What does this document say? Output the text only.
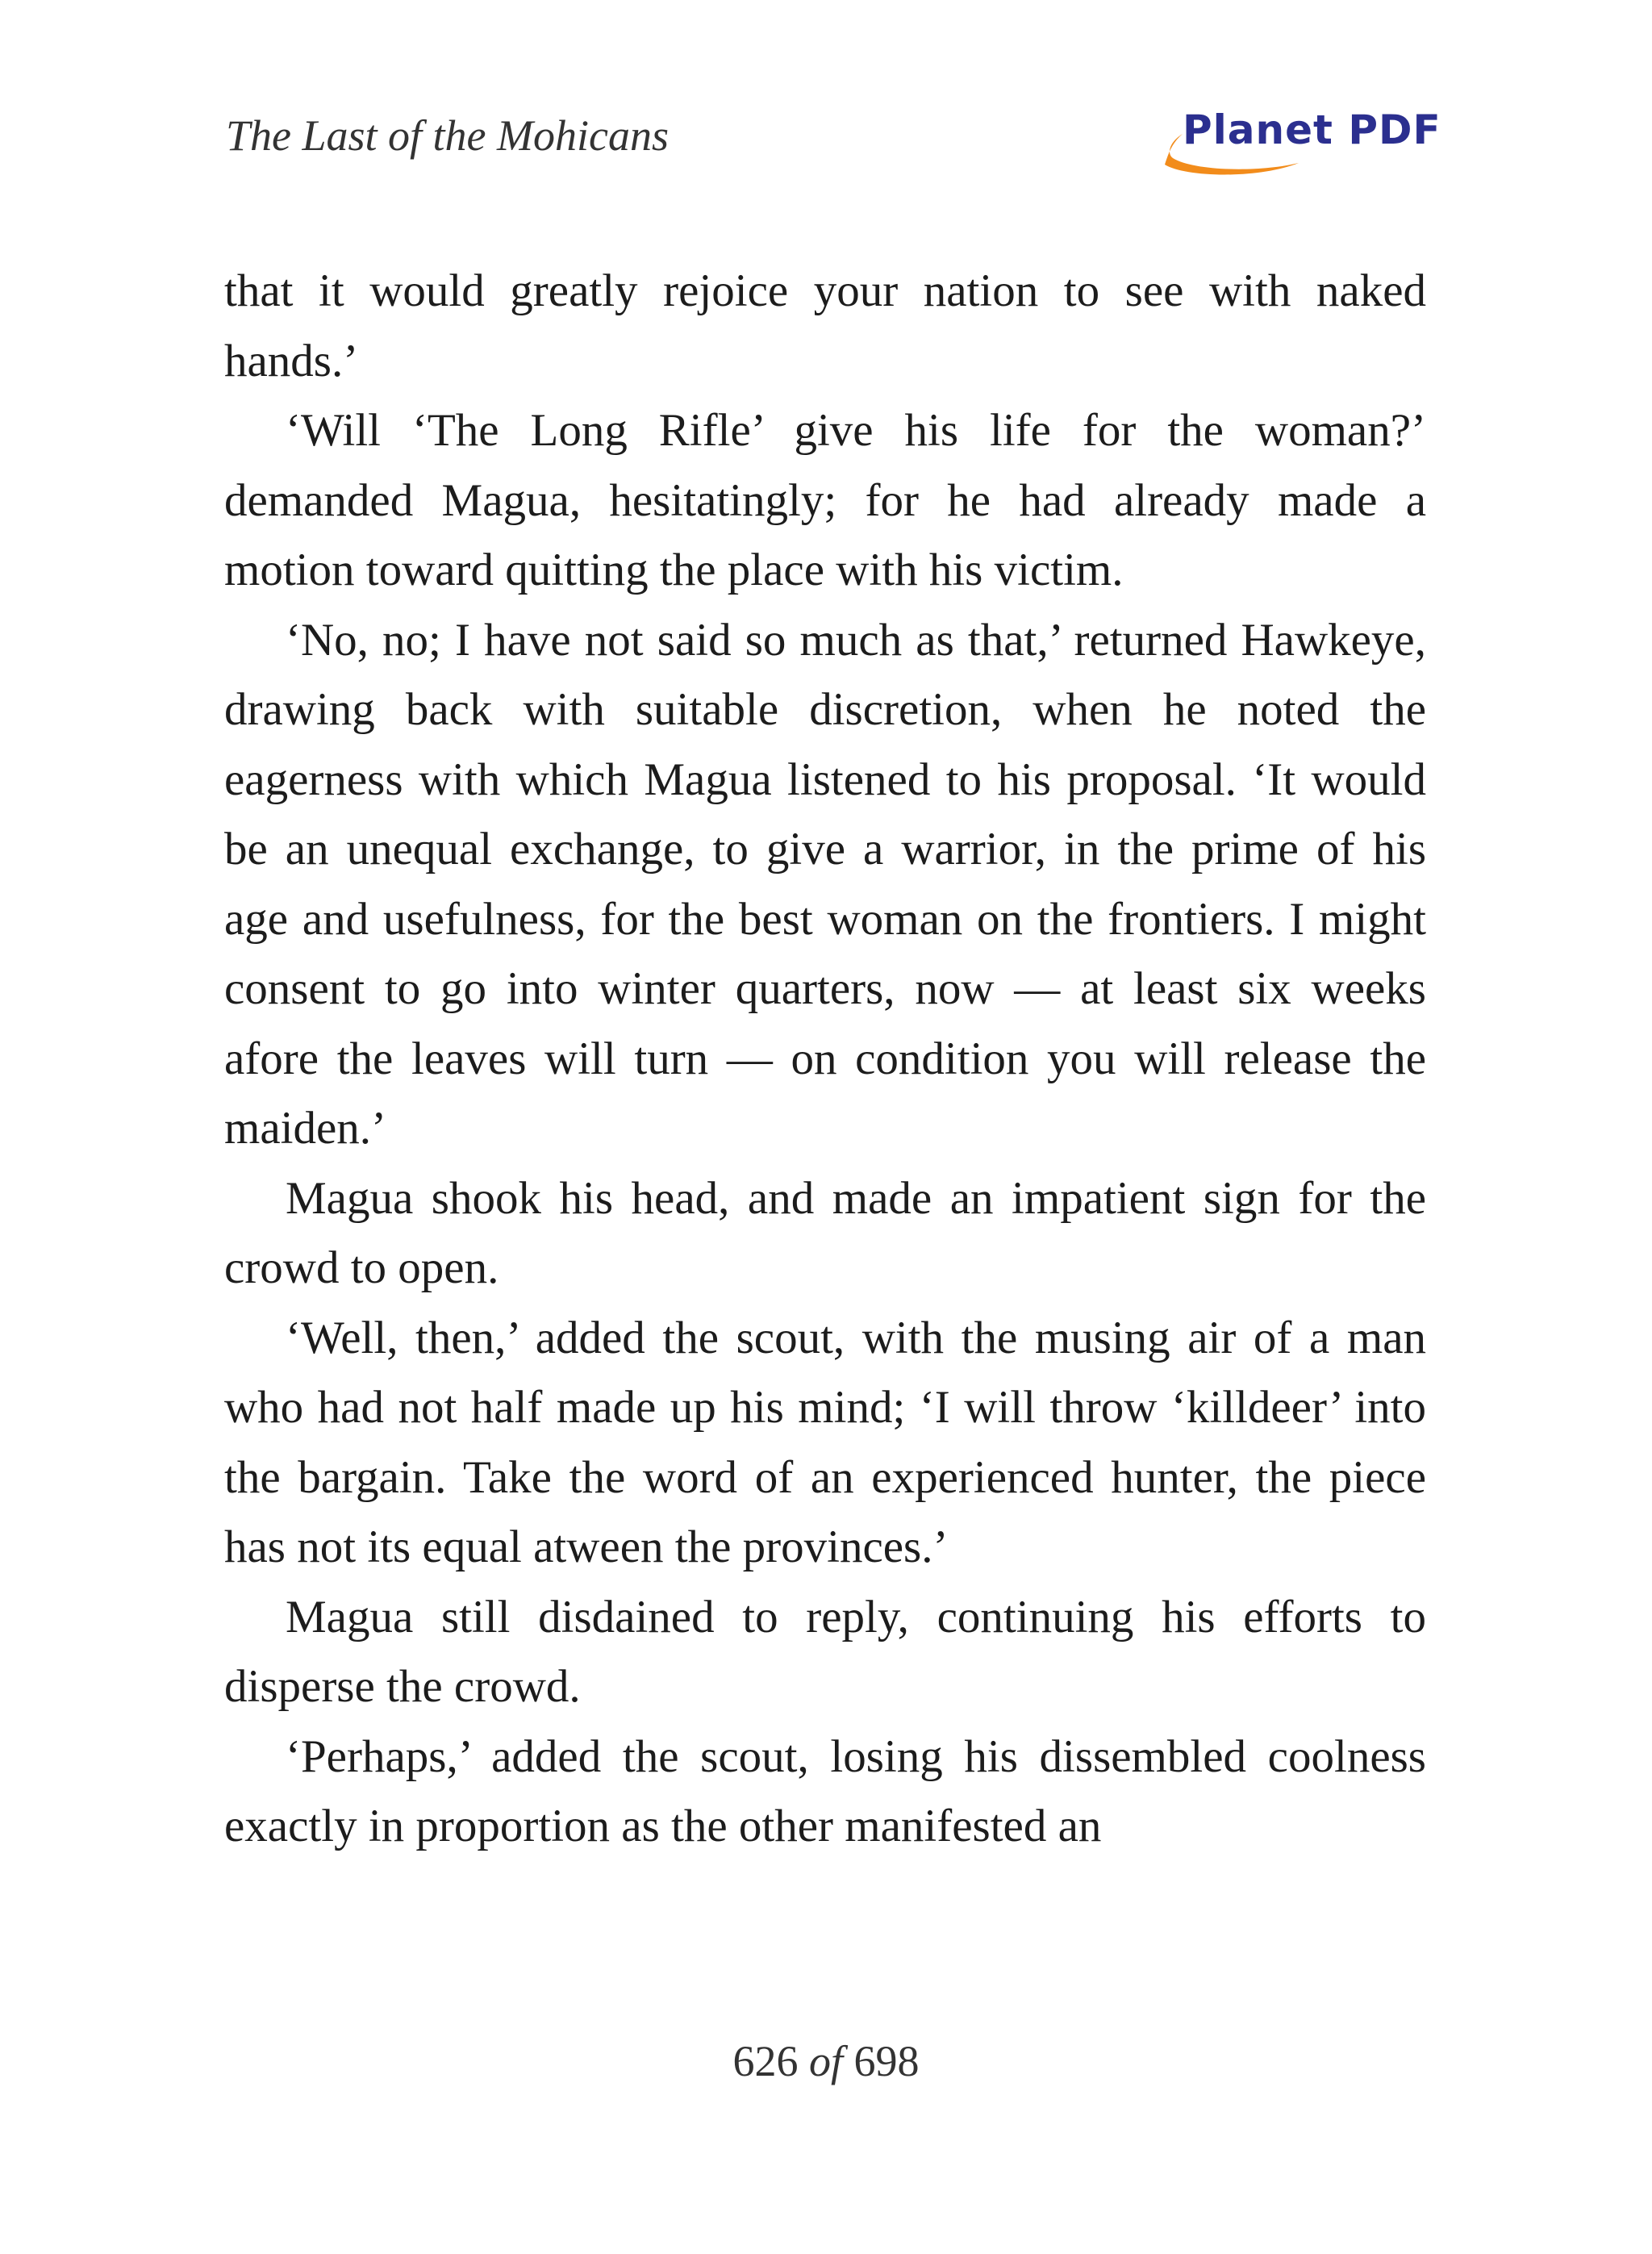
The Last of the Mohicans	Planet PDF

that it would greatly rejoice your nation to see with naked hands.’

‘Will ‘The Long Rifle’ give his life for the woman?’ demanded Magua, hesitatingly; for he had already made a motion toward quitting the place with his victim.

‘No, no; I have not said so much as that,’ returned Hawkeye, drawing back with suitable discretion, when he noted the eagerness with which Magua listened to his proposal. ‘It would be an unequal exchange, to give a warrior, in the prime of his age and usefulness, for the best woman on the frontiers. I might consent to go into winter quarters, now — at least six weeks afore the leaves will turn — on condition you will release the maiden.’

Magua shook his head, and made an impatient sign for the crowd to open.

‘Well, then,’ added the scout, with the musing air of a man who had not half made up his mind; ‘I will throw ‘killdeer’ into the bargain. Take the word of an experienced hunter, the piece has not its equal atween the provinces.’

Magua still disdained to reply, continuing his efforts to disperse the crowd.

‘Perhaps,’ added the scout, losing his dissembled coolness exactly in proportion as the other manifested an

626 of 698
